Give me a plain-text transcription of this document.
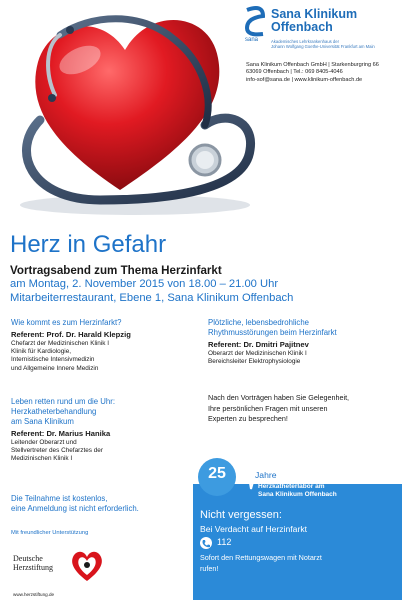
sana
Sana Klinikum
Offenbach
Akademisches Lehrkrankenhaus der
Johann Wolfgang Goethe-Universität Frankfurt am Main
Sana Klinikum Offenbach GmbH | Starkenburgring 66
63069 Offenbach | Tel.: 069 8405-4046
info-sof@sana.de | www.klinikum-offenbach.de
Herz in Gefahr
Vortragsabend zum Thema Herzinfarkt
am Montag, 2. November 2015 von 18.00 – 21.00 Uhr
Mitarbeiterrestaurant, Ebene 1, Sana Klinikum Offenbach
Wie kommt es zum Herzinfarkt?
Referent: Prof. Dr. Harald Klepzig
Chefarzt der Medizinischen Klinik I
Klinik für Kardiologie,
Internistische Intensivmedizin
und Allgemeine Innere Medizin
Leben retten rund um die Uhr:
Herzkatheterbehandlung
am Sana Klinikum
Referent: Dr. Marius Hanika
Leitender Oberarzt und
Stellvertreter des Chefarztes der
Medizinischen Klinik I
Plötzliche, lebensbedrohliche
Rhythmusstörungen beim Herzinfarkt
Referent: Dr. Dmitri Pajitnev
Oberarzt der Medizinischen Klinik I
Bereichsleiter Elektrophysiologie
Nach den Vorträgen haben Sie Gelegenheit,
Ihre persönlichen Fragen mit unseren
Experten zu besprechen!
Die Teilnahme ist kostenlos,
eine Anmeldung ist nicht erforderlich.
Mit freundlicher Unterstützung
Deutsche
Herzstiftung
www.herzstiftung.de
25	Jahre
Herzkatheterlabor am
Sana Klinikum Offenbach
Nicht vergessen:
Bei Verdacht auf Herzinfarkt
112
Sofort den Rettungswagen mit Notarzt
rufen!
